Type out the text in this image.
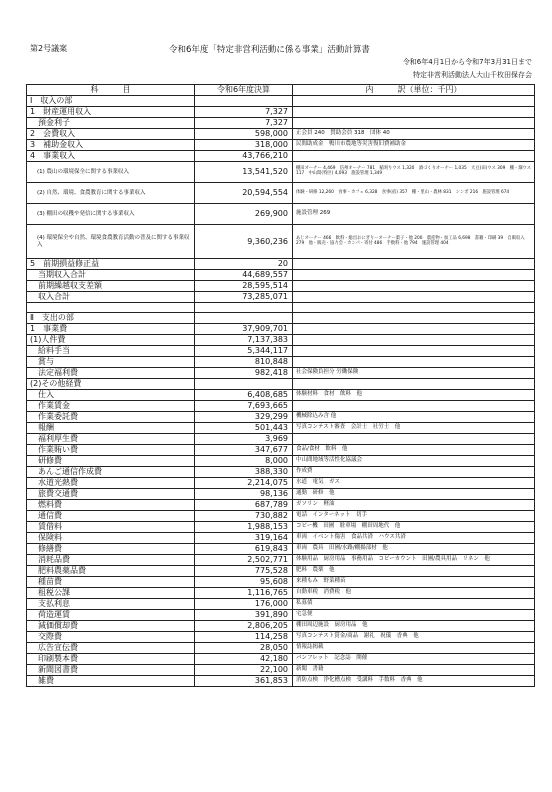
第2号議案	令和6年度「特定非営利活動に係る事業」活動計算書
令和6年4月1日から令和7年3月31日まで
特定非営利活動法人大山千枚田保存会
科　　　目	令和6年度決算	内　　　訳（単位：千円）
Ⅰ　収入の部		
1　財産運用収入	7,327	
　預金利子	7,327	
2　会費収入	598,000	正会員 240　賛助会員 318　団体 40
3　補助金収入	318,000	民間助成金　鴨川市農地等災害復旧費補助金
4　事業収入	43,766,210	
(1) 農山の環境保全に関する事業収入	13,541,520	棚田オーナー 4,469　信州オーナー 781　稲刈りウス 1,320　酒づくりオーナー 1,035　大豆(田)ウス 309　棚・畑ウス 117　中山間(特区) 4,093　施設管理 1,349
(2) 自然、環境、食農教育に関する事業収入	20,594,554	体験・研修 12,260　食事・カフェ 6,328　食事(宿) 357　棚・里山・農林 831　シンポ 216　施設管理 674
(3) 棚田の収穫や発信に関する事業収入	269,900	施設管理 269
(4) 環境保全や自然、環境食農教育活動の普及に関する事業収入	9,360,236	あじオーナー 466　飲料・総出おにぎりーオーナー菓子・他 200　農産物・加工品 6,698　書籍・印刷 39　自販収入 279　他・販売・協力会・カンパ・寄付 486　手数料・他 794　施設管理 404
5　前期損益修正益	20	
　当期収入合計	44,689,557	
　前期繰越収支差額	28,595,514	
　収入合計	73,285,071	

Ⅱ　支出の部		
1　事業費	37,909,701	
(1)人件費	7,137,383	
　給料手当	5,344,117	
　賞与	810,848	
　法定福利費	982,418	社会保険負担分 労働保険
(2)その他経費		
　仕入	6,408,685	体験材料　食材　飲料　他
　作業賃金	7,693,665	
　作業委託費	329,299	機械除込み含 他
　報酬	501,443	写真コンテスト審査　会計士　社労士　他
　福利厚生費	3,969	
　作業賄い費	347,677	食品/食材　飲料　他
　研修費	8,000	中山間地域等活性化協議会
　あんご通信作成費	388,330	作成費
　水道光熱費	2,214,075	水道　電気　ガス
　旅費交通費	98,136	通勤　研修　他
　燃料費	687,789	ガソリン　軽油
　通信費	730,882	電話　インターネット　切手
　賃借料	1,988,153	コピー機　田圃　駐車場　棚田周地代　他
　保険料	319,164	車両　イベント傷害　食品共済　ハウス共済
　修繕費	619,843	車両　農具　田圃/水路/棚揚部材　他
　消耗品費	2,502,771	体験用品　厨房用品　事務用品　コピーカウント　田圃/農具用品　リネン　他
　肥料農薬品費	775,528	肥料　農薬　他
　種苗費	95,608	来種もみ　野菜種苗
　租税公課	1,116,765	自動車税　消費税　他
　支払利息	176,000	私募債
　荷造運賃	391,890	宅急便
　減価償却費	2,806,205	棚田周辺施設　厨房用品　他
　交際費	114,258	写真コンテスト賞金/商品　謝礼　祝儀　香典　他
　広告宣伝費	28,050	情報誌掲載
　印刷製本費	42,180	パンフレット　記念誌　開催
　新聞図書費	22,100	新聞　書籍
　雑費	361,853	消防点検　浄化槽点検　受講料　手数料　香典　他
